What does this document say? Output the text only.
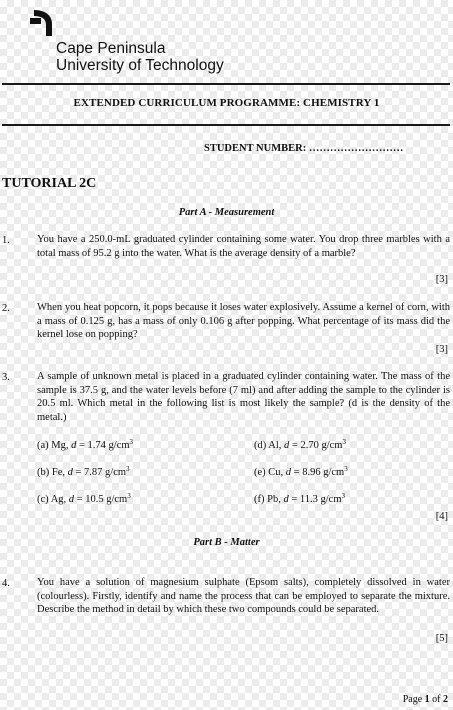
Cape Peninsula
University of Technology
EXTENDED CURRICULUM PROGRAMME: CHEMISTRY 1
STUDENT NUMBER: ………………………
TUTORIAL 2C
Part A - Measurement
1.	You have a 250.0-mL graduated cylinder containing some water. You drop three marbles with a total mass of 95.2 g into the water. What is the average density of a marble?
[3]
2.	When you heat popcorn, it pops because it loses water explosively. Assume a kernel of corn, with a mass of 0.125 g, has a mass of only 0.106 g after popping. What percentage of its mass did the kernel lose on popping?
[3]
3.	A sample of unknown metal is placed in a graduated cylinder containing water. The mass of the sample is 37.5 g, and the water levels before (7 ml) and after adding the sample to the cylinder is 20.5 ml. Which metal in the following list is most likely the sample? (d is the density of the metal.)
(a) Mg, d = 1.74 $g/cm^3$	(d) Al, d = 2.70 $g/cm^3$
(b) Fe, d = 7.87 $g/cm^3$	(e) Cu, d = 8.96 $g/cm^3$
(c) Ag, d = 10.5 $g/cm^3$	(f) Pb, d = 11.3 $g/cm^3$
[4]
Part B - Matter
4.	You have a solution of magnesium sulphate (Epsom salts), completely dissolved in water (colourless). Firstly, identify and name the process that can be employed to separate the mixture. Describe the method in detail by which these two compounds could be separated.
[5]
Page 1 of 2
